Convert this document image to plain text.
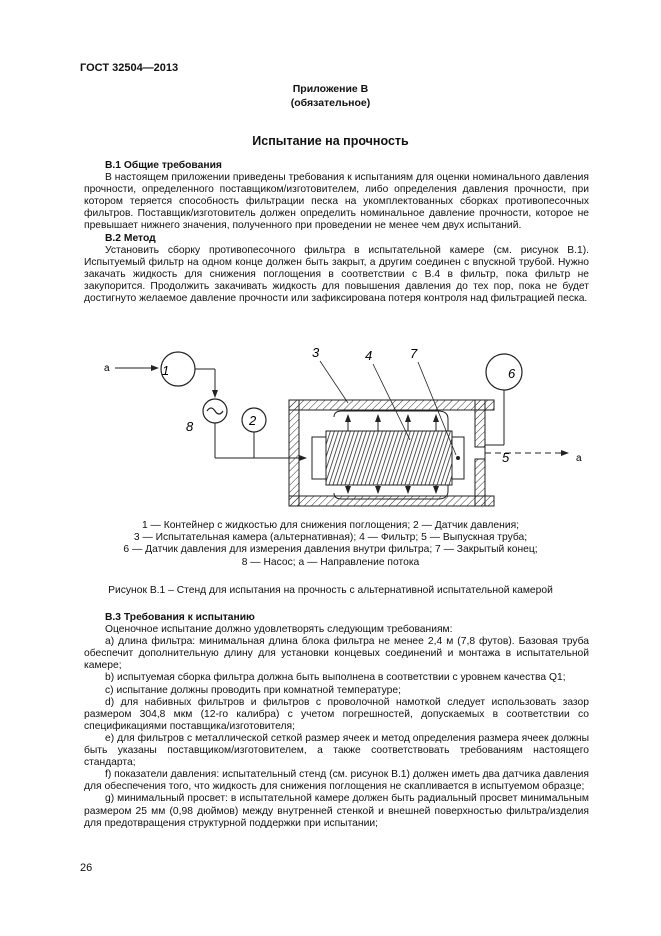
ГОСТ 32504—2013
Приложение B
(обязательное)
Испытание на прочность
B.1 Общие требования

В настоящем приложении приведены требования к испытаниям для оценки номинального давления прочности, определенного поставщиком/изготовителем, либо определения давления прочности, при котором теряется способность фильтрации песка на укомплектованных сборках противопесочных фильтров. Поставщик/изготовитель должен определить номинальное давление прочности, которое не превышает нижнего значения, полученного при проведении не менее чем двух испытаний.

B.2 Метод

Установить сборку противопесочного фильтра в испытательной камере (см. рисунок B.1). Испытуемый фильтр на одном конце должен быть закрыт, а другим соединен с впускной трубой. Нужно закачать жидкость для снижения поглощения в соответствии с B.4 в фильтр, пока фильтр не закупорится. Продолжить закачивать жидкость для повышения давления до тех пор, пока не будет достигнуто желаемое давление прочности или зафиксирована потеря контроля над фильтрацией песка.

a	1
8	2
5	a
6
3	4	7
1 — Контейнер с жидкостью для снижения поглощения; 2 — Датчик давления;
3 — Испытательная камера (альтернативная); 4 — Фильтр; 5 — Выпускная труба;
6 — Датчик давления для измерения давления внутри фильтра; 7 — Закрытый конец;
8 — Насос; а — Направление потока
Рисунок B.1 – Стенд для испытания на прочность с альтернативной испытательной камерой
B.3 Требования к испытанию

Оценочное испытание должно удовлетворять следующим требованиям:

а) длина фильтра: минимальная длина блока фильтра не менее 2,4 м (7,8 футов). Базовая труба обеспечит дополнительную длину для установки концевых соединений и монтажа в испытательной камере;

b) испытуемая сборка фильтра должна быть выполнена в соответствии с уровнем качества Q1;

c) испытание должны проводить при комнатной температуре;

d) для набивных фильтров и фильтров с проволочной намоткой следует использовать зазор размером 304,8 мкм (12-го калибра) с учетом погрешностей, допускаемых в соответствии со спецификациями поставщика/изготовителя;

e) для фильтров с металлической сеткой размер ячеек и метод определения размера ячеек должны быть указаны поставщиком/изготовителем, а также соответствовать требованиям настоящего стандарта;

f) показатели давления: испытательный стенд (см. рисунок B.1) должен иметь два датчика давления для обеспечения того, что жидкость для снижения поглощения не скапливается в испытуемом образце;

g) минимальный просвет: в испытательной камере должен быть радиальный просвет минимальным размером 25 мм (0,98 дюймов) между внутренней стенкой и внешней поверхностью фильтра/изделия для предотвращения структурной поддержки при испытании;

26
